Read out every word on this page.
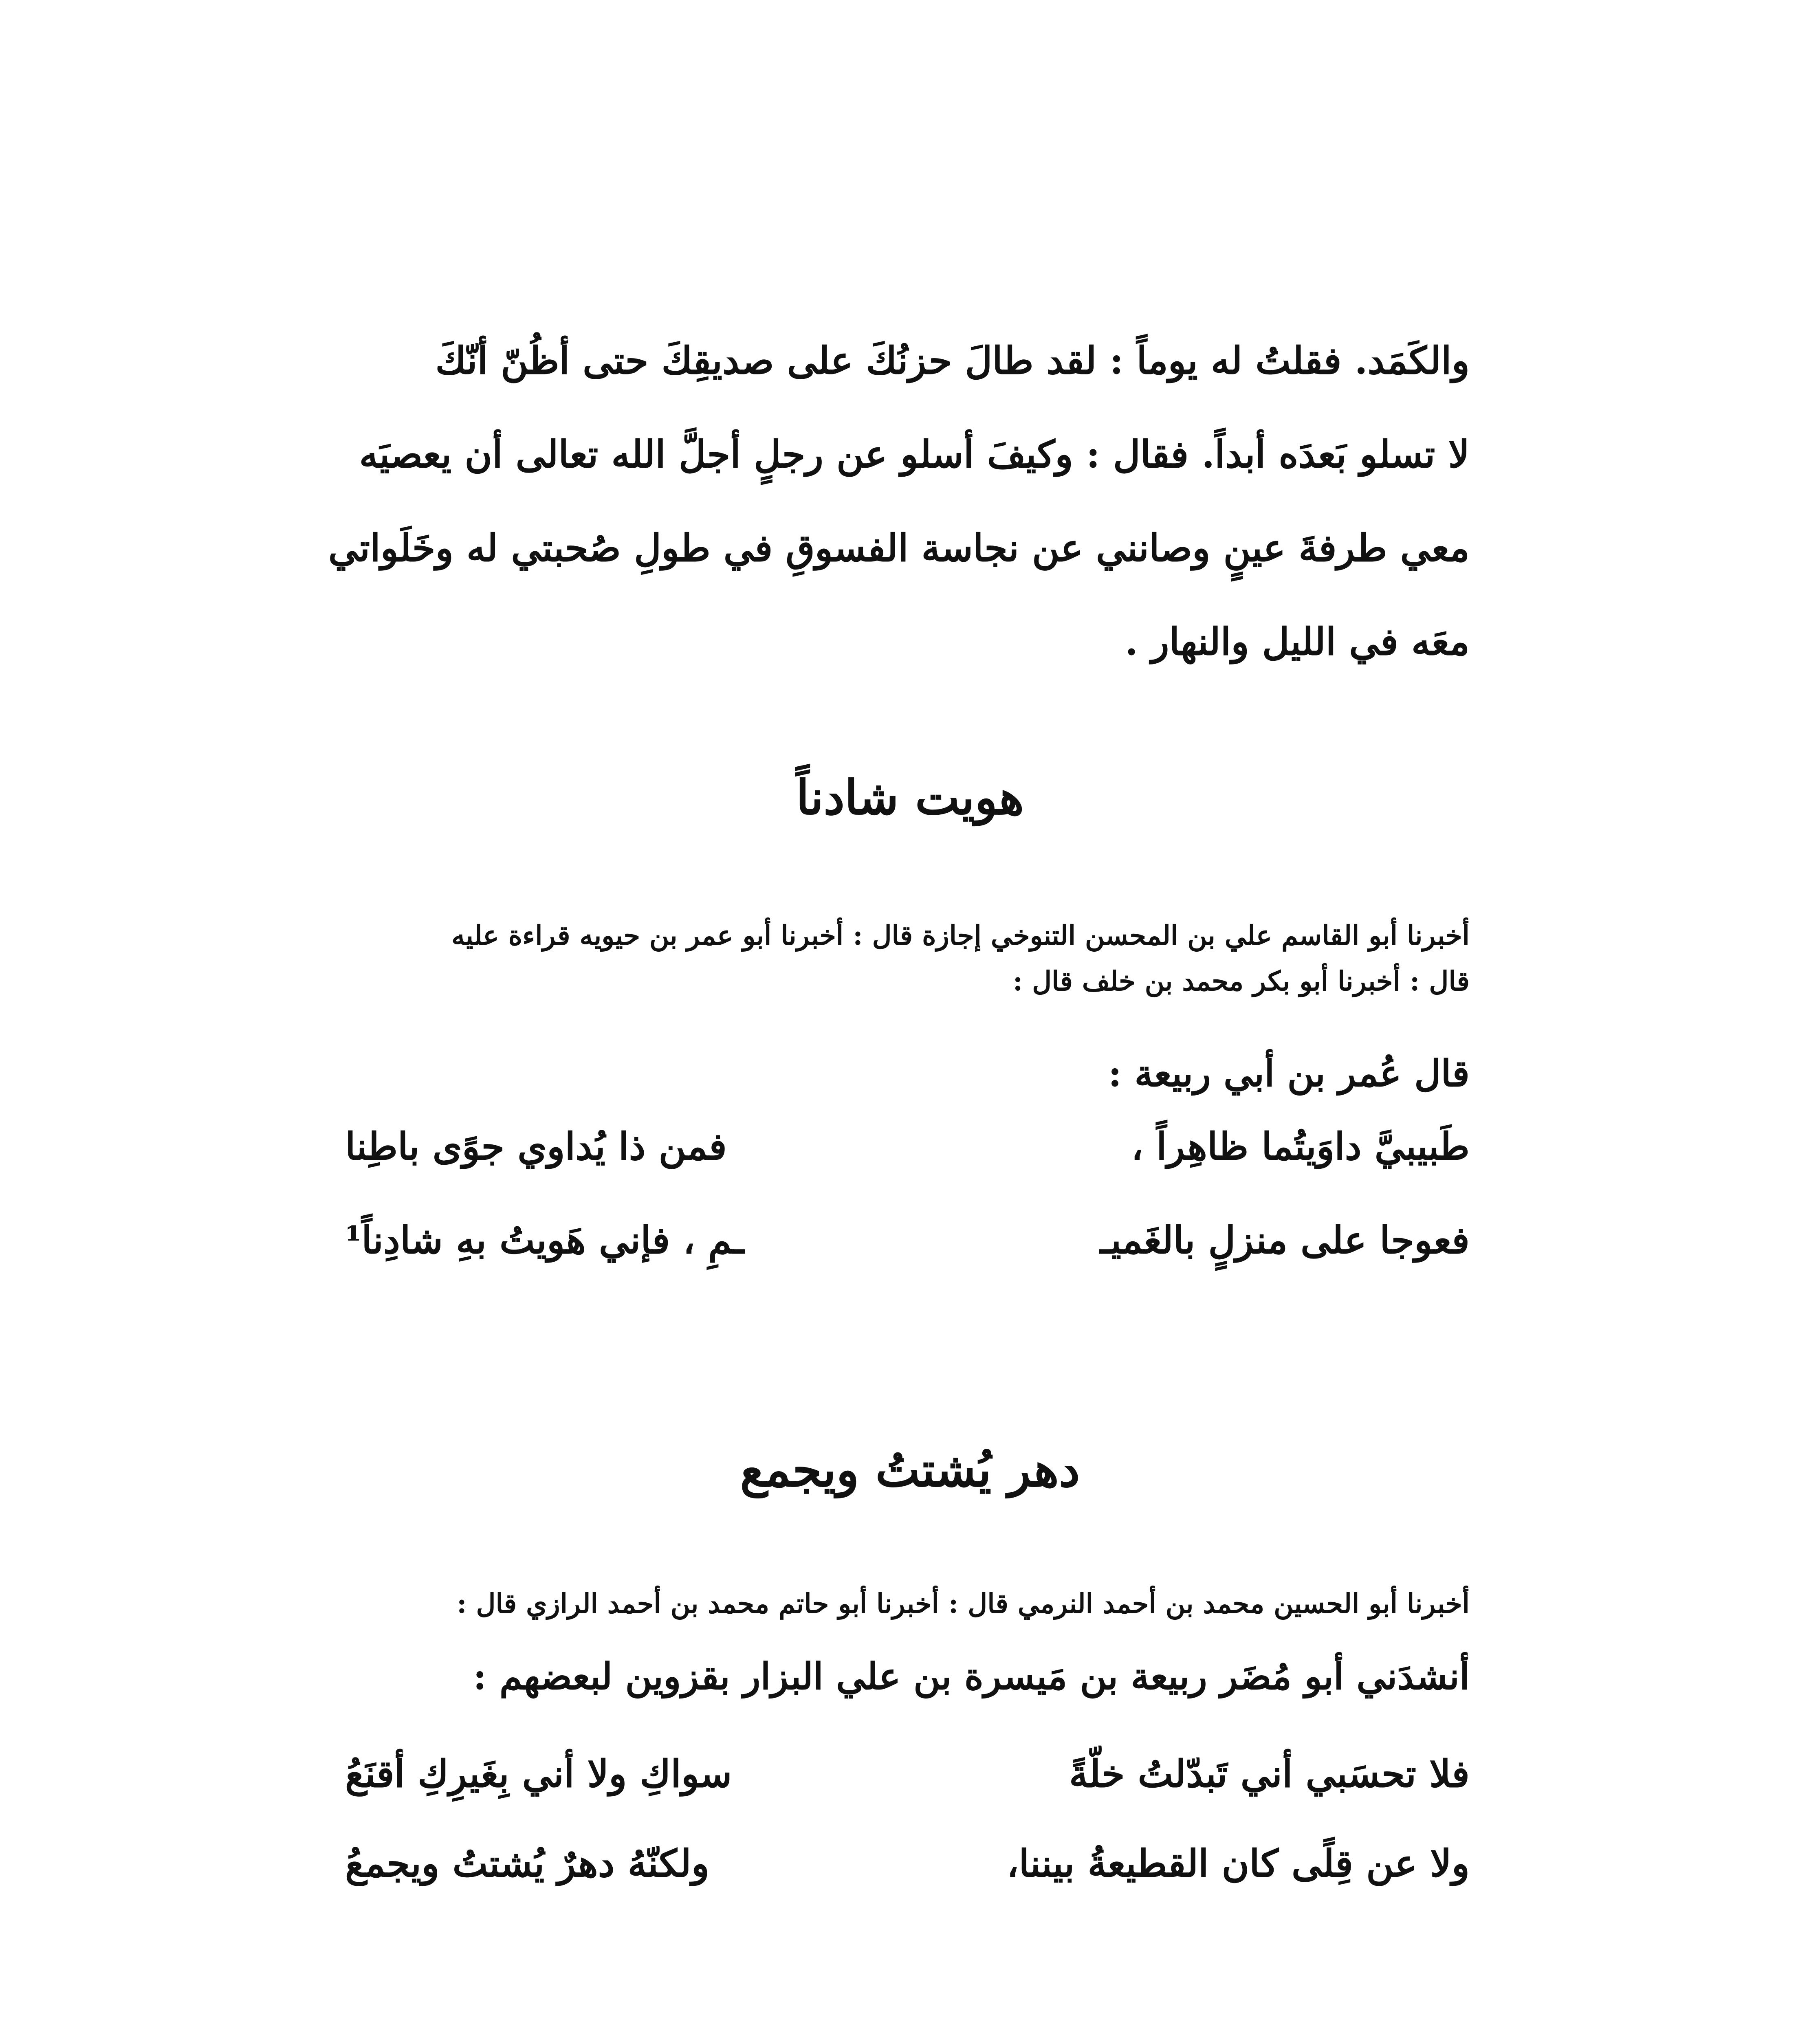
والكَمَد. فقلتُ له يوماً : لقد طالَ حزنُكَ على صديقِكَ حتى أظُنّ أنّكَ
لا تسلو بَعدَه أبداً. فقال : وكيفَ أسلو عن رجلٍ أجلَّ الله تعالى أن يعصيَه
معي طرفةَ عينٍ وصانني عن نجاسة الفسوقِ في طولِ صُحبتي له وخَلَواتي
معَه في الليل والنهار .
هويت شادناً
أخبرنا أبو القاسم علي بن المحسن التنوخي إجازة قال : أخبرنا أبو عمر بن حيويه قراءة عليه
قال : أخبرنا أبو بكر محمد بن خلف قال :
قال عُمر بن أبي ربيعة :
طَبيبيَّ داوَيتُما ظاهِراً ،
فمن ذا يُداوي جوًى باطِنا
فعوجا على منزلٍ بالغَميـ
ـمِ ، فإني هَويتُ بهِ شادِناً¹
دهر يُشتتُ ويجمع
أخبرنا أبو الحسين محمد بن أحمد النرمي قال : أخبرنا أبو حاتم محمد بن أحمد الرازي قال :
أنشدَني أبو مُضَر ربيعة بن مَيسرة بن علي البزار بقزوين لبعضهم :
فلا تحسَبي أني تَبدّلتُ خلّةً
سواكِ ولا أني بِغَيرِكِ أقنَعُ
ولا عن قِلًى كان القطيعةُ بيننا،
ولكنّهُ دهرٌ يُشتتُ ويجمعُ
